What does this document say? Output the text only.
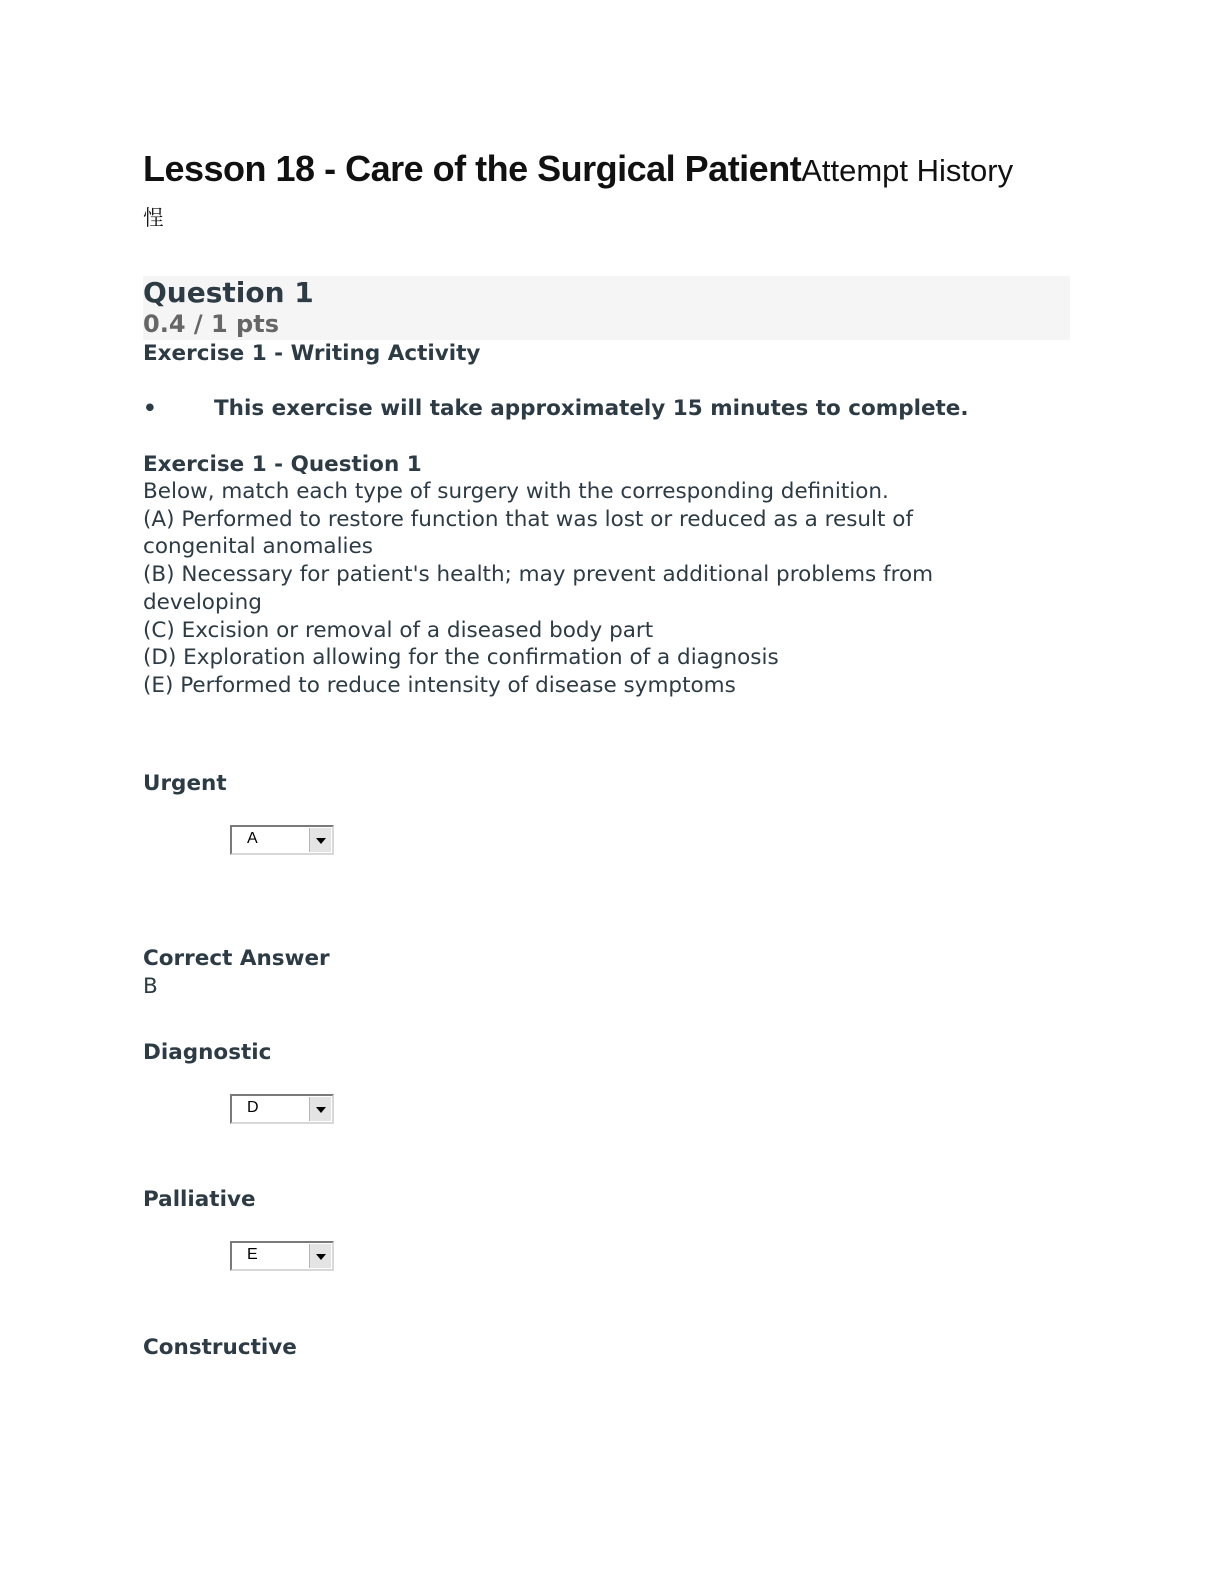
Lesson 18 - Care of the Surgical PatientAttempt History
悜
Question 1
0.4 / 1 pts
Exercise 1 - Writing Activity
•	This exercise will take approximately 15 minutes to complete.
Exercise 1 - Question 1
Below, match each type of surgery with the corresponding definition.
(A) Performed to restore function that was lost or reduced as a result of
congenital anomalies
(B) Necessary for patient's health; may prevent additional problems from
developing
(C) Excision or removal of a diseased body part
(D) Exploration allowing for the confirmation of a diagnosis
(E) Performed to reduce intensity of disease symptoms
Urgent
A
Correct Answer
B
Diagnostic
D
Palliative
E
Constructive
